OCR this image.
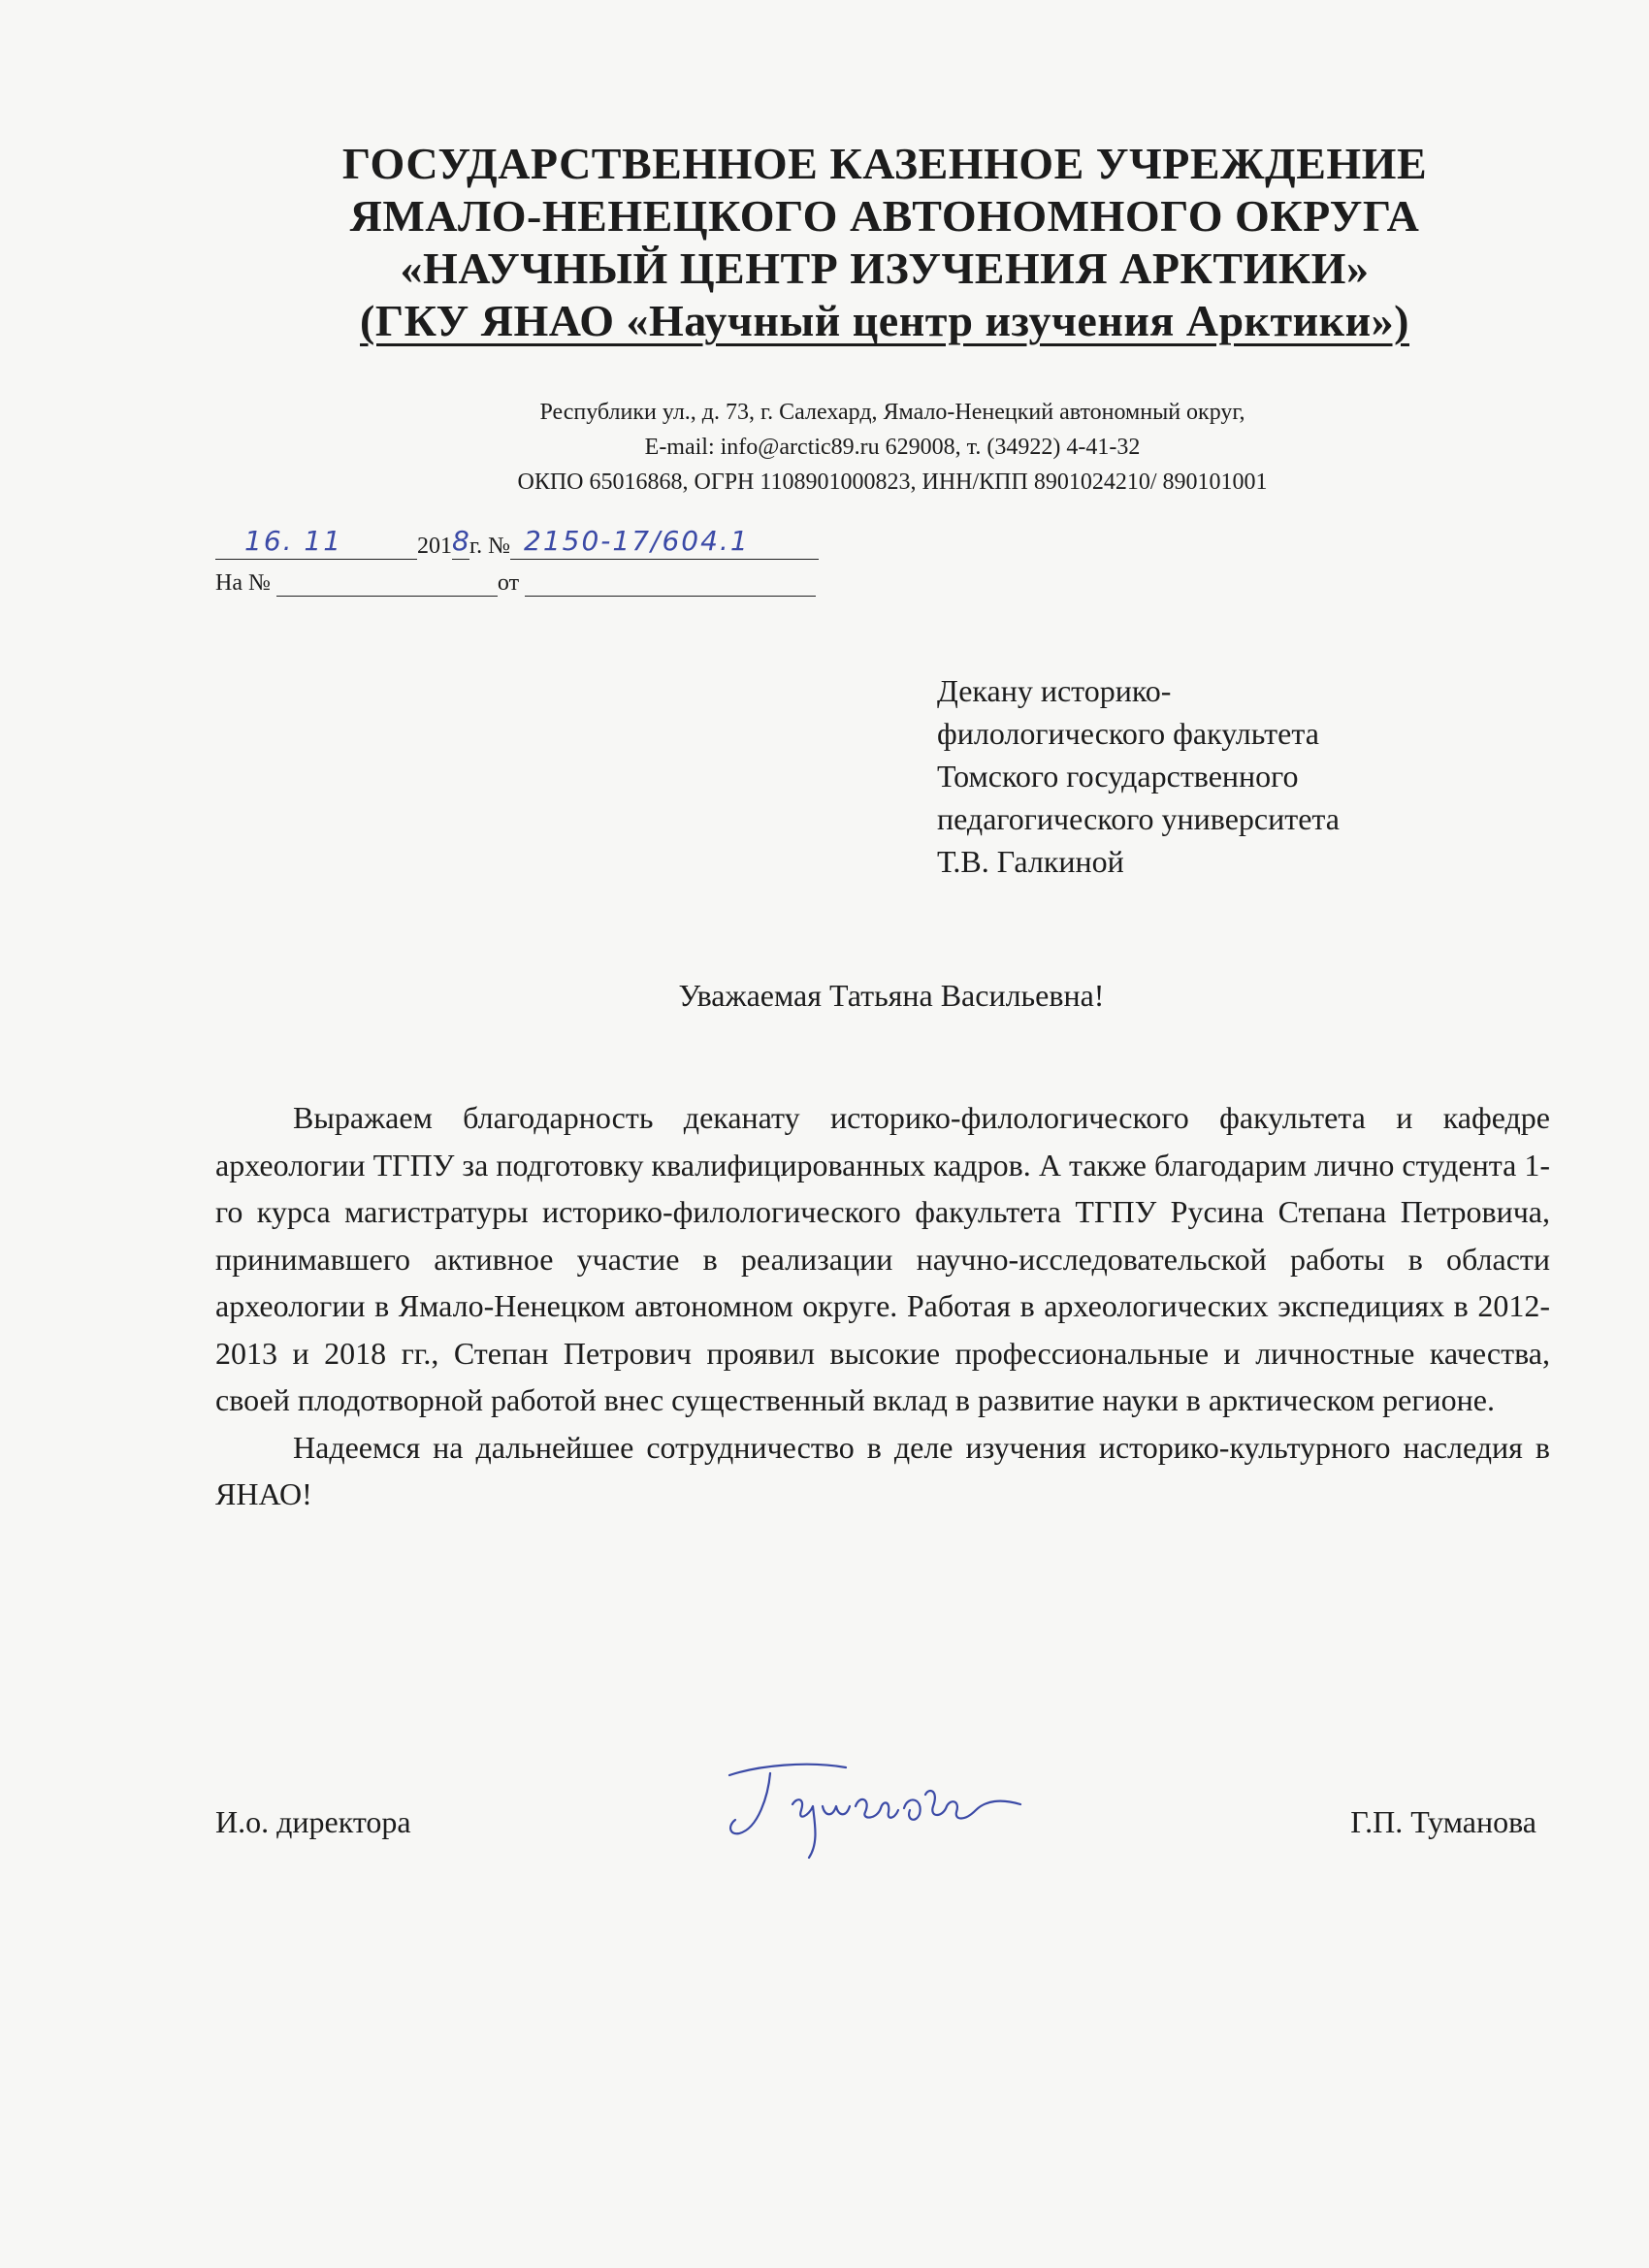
ГОСУДАРСТВЕННОЕ КАЗЕННОЕ УЧРЕЖДЕНИЕ
ЯМАЛО-НЕНЕЦКОГО АВТОНОМНОГО ОКРУГА
«НАУЧНЫЙ ЦЕНТР ИЗУЧЕНИЯ АРКТИКИ»
(ГКУ ЯНАО «Научный центр изучения Арктики»)
Республики ул., д. 73, г. Салехард, Ямало-Ненецкий автономный округ,
E-mail: info@arctic89.ru 629008, т. (34922) 4-41-32
ОКПО 65016868, ОГРН 1108901000823, ИНН/КПП 8901024210/ 890101001
16. 11	201 8
г. № 2150-17/604.1
На №	от
Декану историко-
филологического факультета
Томского государственного
педагогического университета
Т.В. Галкиной
Уважаемая Татьяна Васильевна!

Выражаем благодарность деканату историко-филологического факультета и кафедре археологии ТГПУ за подготовку квалифицированных кадров. А также благодарим лично студента 1-го курса магистратуры историко-филологического факультета ТГПУ Русина Степана Петровича, принимавшего активное участие в реализации научно-исследовательской работы в области археологии в Ямало-Ненецком автономном округе. Работая в археологических экспедициях в 2012-2013 и 2018 гг., Степан Петрович проявил высокие профессиональные и личностные качества, своей плодотворной работой внес существенный вклад в развитие науки в арктическом регионе.

Надеемся на дальнейшее сотрудничество в деле изучения историко-культурного наследия в ЯНАО!

И.о. директора	Г.П. Туманова
